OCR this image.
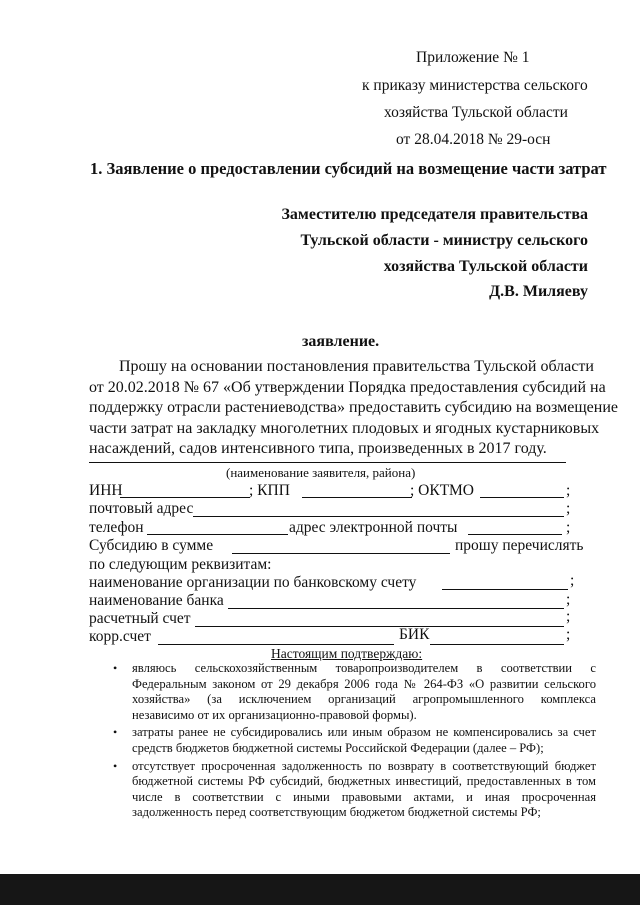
Приложение № 1
к приказу министерства сельского
хозяйства Тульской области
от 28.04.2018 № 29-осн
1. Заявление о предоставлении субсидий на возмещение части затрат
Заместителю председателя правительства
Тульской области - министру сельского
хозяйства Тульской области
Д.В. Миляеву
заявление.
Прошу на основании постановления правительства Тульской области
от 20.02.2018 № 67 «Об утверждении Порядка предоставления субсидий на
поддержку отрасли растениеводства» предоставить субсидию на возмещение
части затрат на закладку многолетних плодовых и ягодных кустарниковых
насаждений, садов интенсивного типа, произведенных в 2017 году.
(наименование заявителя, района)
ИНН	; КПП	; ОКТМО	;
почтовый адрес	;
телефон	адрес электронной почты	;
Субсидию в сумме	прошу перечислять
по следующим реквизитам:
наименование организации по банковскому счету	;
наименование банка	;
расчетный счет	;
корр.счет	БИК	;
Настоящим подтверждаю:
• являюсь сельскохозяйственным товаропроизводителем в соответствии с
Федеральным законом от 29 декабря 2006 года № 264-ФЗ «О развитии сельского
хозяйства» (за исключением организаций агропромышленного комплекса
независимо от их организационно-правовой формы).
• затраты ранее не субсидировались или иным образом не компенсировались за счет
средств бюджетов бюджетной системы Российской Федерации (далее – РФ);
• отсутствует просроченная задолженность по возврату в соответствующий бюджет
бюджетной системы РФ субсидий, бюджетных инвестиций, предоставленных в том
числе в соответствии с иными правовыми актами, и иная просроченная
задолженность перед соответствующим бюджетом бюджетной системы РФ;
